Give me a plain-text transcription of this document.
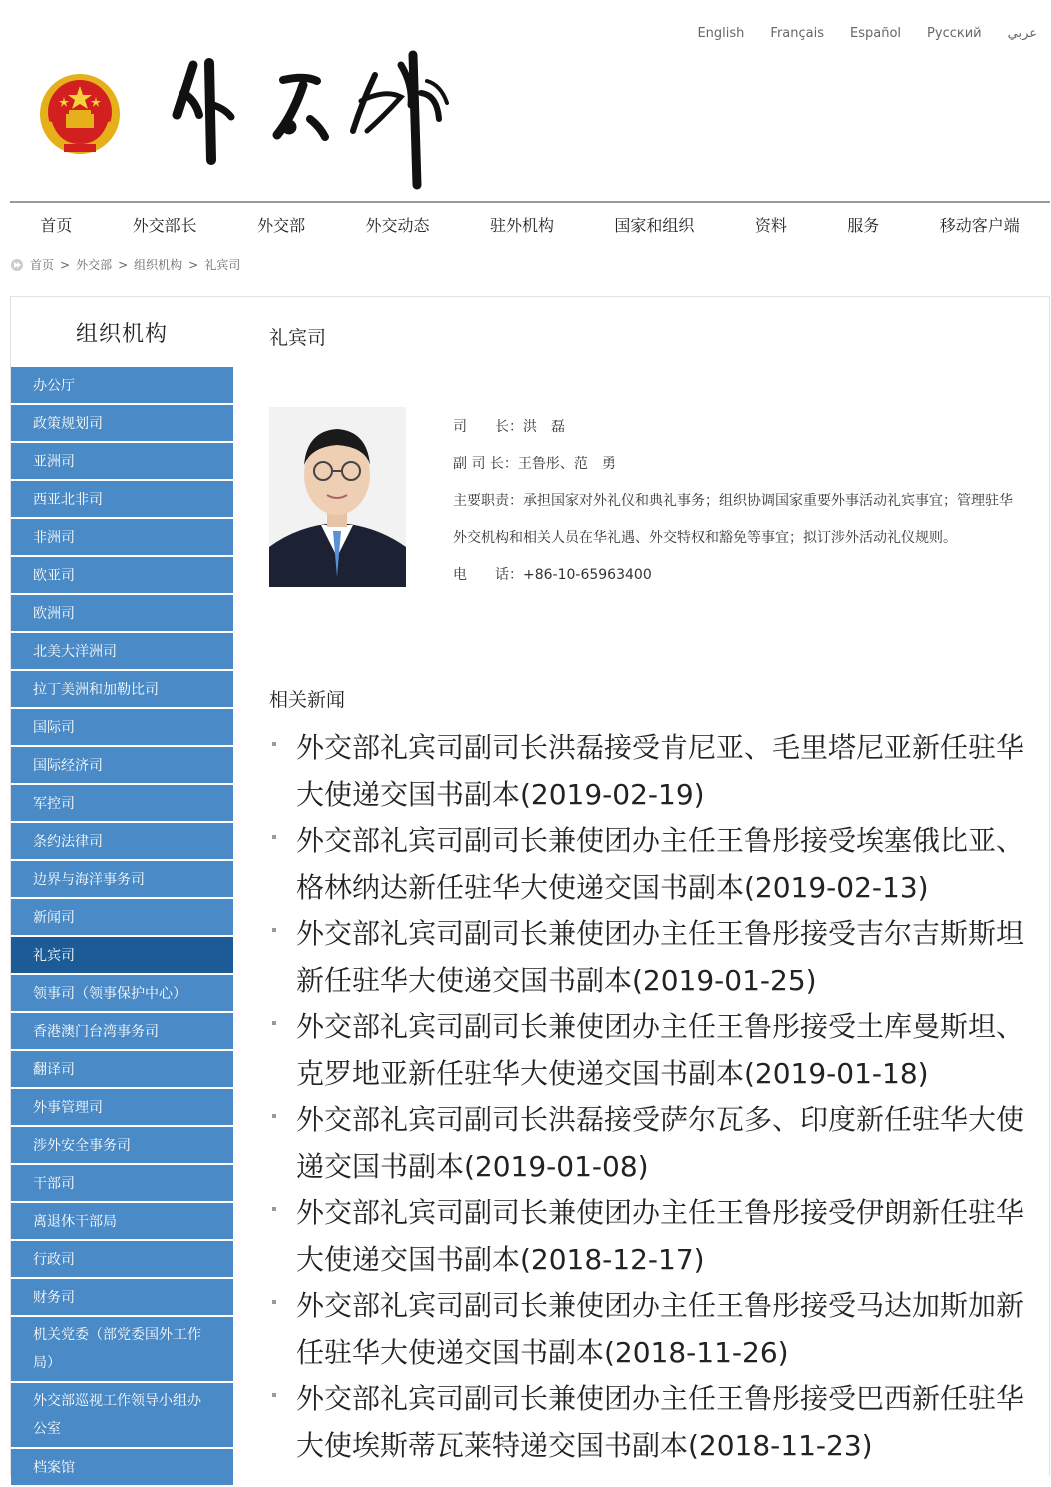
English Français Español Русский عربي
首页	外交部长	外交部	外交动态	驻外机构	国家和组织	资料	服务	移动客户端
首页 > 外交部 > 组织机构 > 礼宾司
组织机构
办公厅
政策规划司
亚洲司
西亚北非司
非洲司
欧亚司
欧洲司
北美大洋洲司
拉丁美洲和加勒比司
国际司
国际经济司
军控司
条约法律司
边界与海洋事务司
新闻司
礼宾司
领事司（领事保护中心）
香港澳门台湾事务司
翻译司
外事管理司
涉外安全事务司
干部司
离退休干部局
行政司
财务司
机关党委（部党委国外工作局）
外交部巡视工作领导小组办公室
档案馆
礼宾司
司　　长： 洪　磊
副 司 长： 王鲁彤、范　勇
主要职责：承担国家对外礼仪和典礼事务；组织协调国家重要外事活动礼宾事宜；管理驻华外交机构和相关人员在华礼遇、外交特权和豁免等事宜；拟订涉外活动礼仪规则。
电　　话： +86-10-65963400
相关新闻
外交部礼宾司副司长洪磊接受肯尼亚、毛里塔尼亚新任驻华大使递交国书副本(2019-02-19)
外交部礼宾司副司长兼使团办主任王鲁彤接受埃塞俄比亚、格林纳达新任驻华大使递交国书副本(2019-02-13)
外交部礼宾司副司长兼使团办主任王鲁彤接受吉尔吉斯斯坦新任驻华大使递交国书副本(2019-01-25)
外交部礼宾司副司长兼使团办主任王鲁彤接受土库曼斯坦、克罗地亚新任驻华大使递交国书副本(2019-01-18)
外交部礼宾司副司长洪磊接受萨尔瓦多、印度新任驻华大使递交国书副本(2019-01-08)
外交部礼宾司副司长兼使团办主任王鲁彤接受伊朗新任驻华大使递交国书副本(2018-12-17)
外交部礼宾司副司长兼使团办主任王鲁彤接受马达加斯加新任驻华大使递交国书副本(2018-11-26)
外交部礼宾司副司长兼使团办主任王鲁彤接受巴西新任驻华大使埃斯蒂瓦莱特递交国书副本(2018-11-23)
